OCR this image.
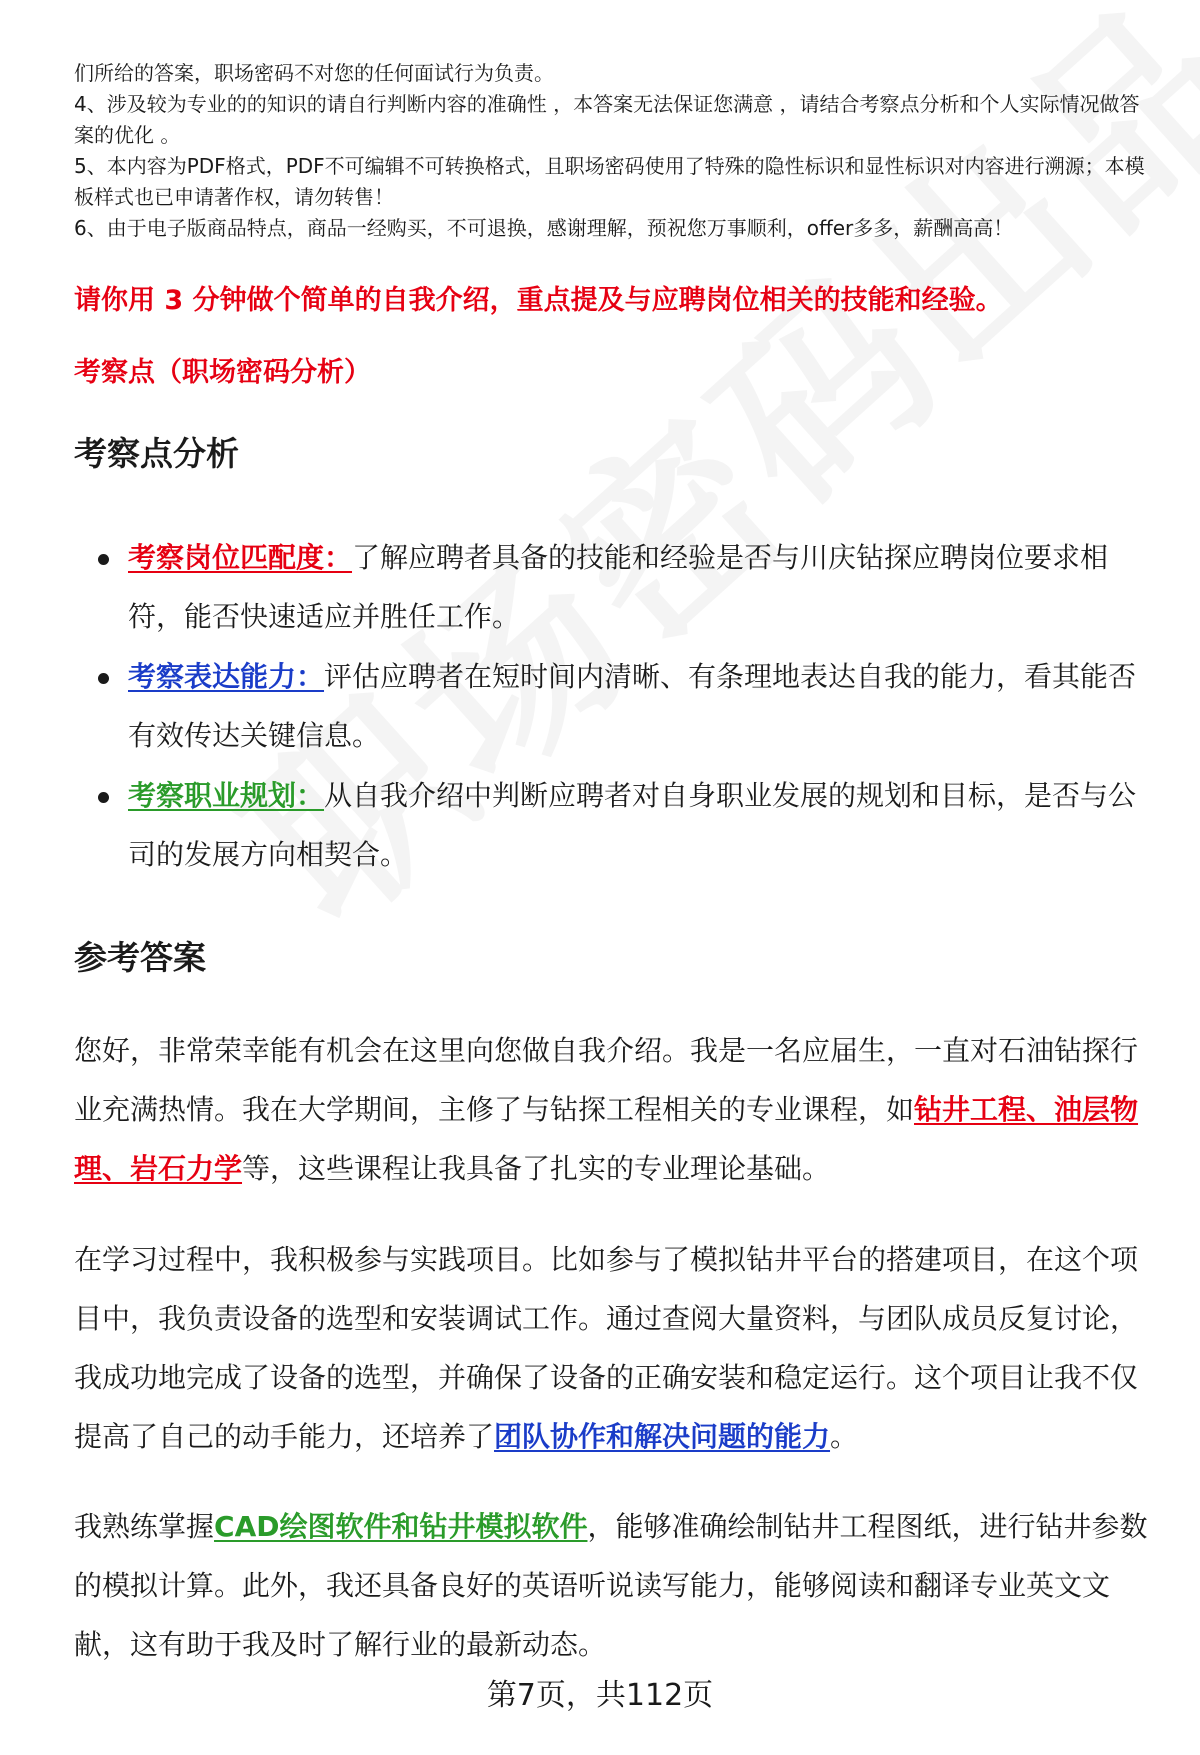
们所给的答案，职场密码不对您的任何面试行为负责。

4、涉及较为专业的的知识的请自行判断内容的准确性 ，本答案无法保证您满意 ，请结合考察点分析和个人实际情况做答案的优化 。

5、本内容为PDF格式，PDF不可编辑不可转换格式，且职场密码使用了特殊的隐性标识和显性标识对内容进行溯源；本模板样式也已申请著作权，请勿转售！

6、由于电子版商品特点，商品一经购买，不可退换，感谢理解，预祝您万事顺利，offer多多，薪酬高高！

请你用 3 分钟做个简单的自我介绍，重点提及与应聘岗位相关的技能和经验。
考察点（职场密码分析）
考察点分析
考察岗位匹配度：了解应聘者具备的技能和经验是否与川庆钻探应聘岗位要求相符，能否快速适应并胜任工作。
考察表达能力：评估应聘者在短时间内清晰、有条理地表达自我的能力，看其能否有效传达关键信息。
考察职业规划：从自我介绍中判断应聘者对自身职业发展的规划和目标，是否与公司的发展方向相契合。
参考答案

您好，非常荣幸能有机会在这里向您做自我介绍。我是一名应届生，一直对石油钻探行业充满热情。我在大学期间，主修了与钻探工程相关的专业课程，如钻井工程、油层物理、岩石力学等，这些课程让我具备了扎实的专业理论基础。

在学习过程中，我积极参与实践项目。比如参与了模拟钻井平台的搭建项目，在这个项目中，我负责设备的选型和安装调试工作。通过查阅大量资料，与团队成员反复讨论，我成功地完成了设备的选型，并确保了设备的正确安装和稳定运行。这个项目让我不仅提高了自己的动手能力，还培养了团队协作和解决问题的能力。

我熟练掌握CAD绘图软件和钻井模拟软件，能够准确绘制钻井工程图纸，进行钻井参数的模拟计算。此外，我还具备良好的英语听说读写能力，能够阅读和翻译专业英文文献，这有助于我及时了解行业的最新动态。

第7页，共112页
